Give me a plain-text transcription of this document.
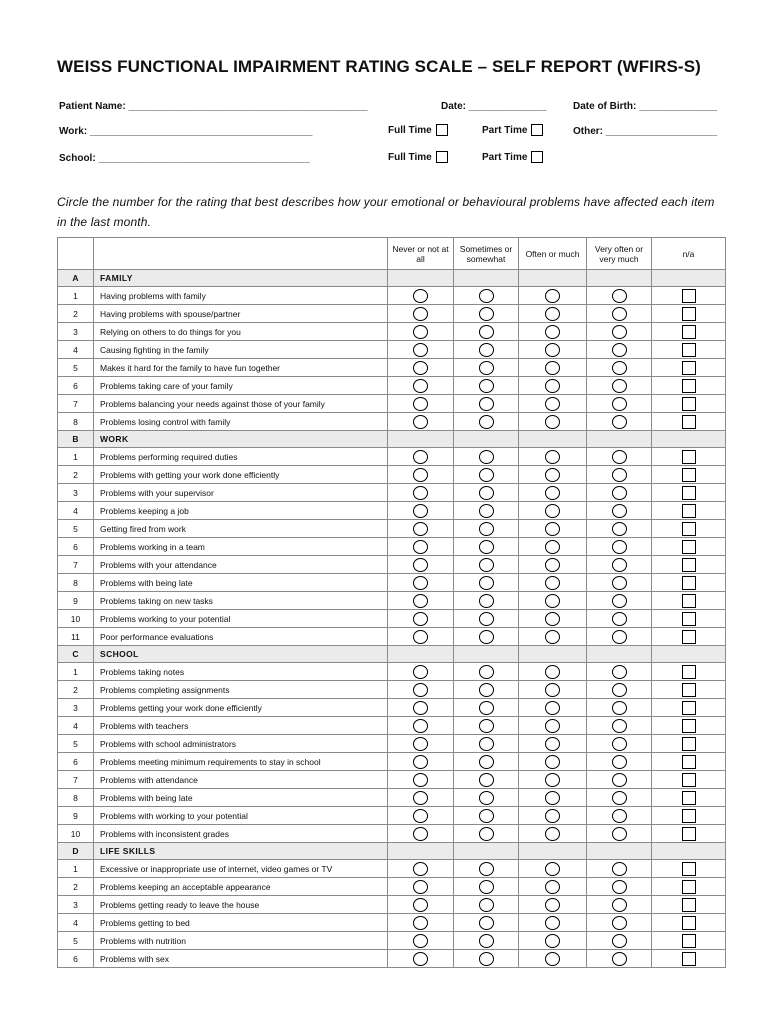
WEISS FUNCTIONAL IMPAIRMENT RATING SCALE – SELF REPORT (WFIRS-S)
Patient Name: ___________________________________________	Date: ______________	Date of Birth: ______________
Work: ________________________________________	Full Time	Part Time	Other: ____________________
School: ______________________________________	Full Time	Part Time
Circle the number for the rating that best describes how your emotional or behavioural problems have affected each item in the last month.
		Never or not at all	Sometimes or somewhat	Often or much	Very often or very much	n/a
A	FAMILY					
1	Having problems with family					
2	Having problems with spouse/partner					
3	Relying on others to do things for you					
4	Causing fighting in the family					
5	Makes it hard for the family to have fun together					
6	Problems taking care of your family					
7	Problems balancing your needs against those of your family					
8	Problems losing control with family					
B	WORK					
1	Problems performing required duties					
2	Problems with getting your work done efficiently					
3	Problems with your supervisor					
4	Problems keeping a job					
5	Getting fired from work					
6	Problems working in a team					
7	Problems with your attendance					
8	Problems with being late					
9	Problems taking on new tasks					
10	Problems working to your potential					
11	Poor performance evaluations					
C	SCHOOL					
1	Problems taking notes					
2	Problems completing assignments					
3	Problems getting your work done efficiently					
4	Problems with teachers					
5	Problems with school administrators					
6	Problems meeting minimum requirements to stay in school					
7	Problems with attendance					
8	Problems with being late					
9	Problems with working to your potential					
10	Problems with inconsistent grades					
D	LIFE SKILLS					
1	Excessive or inappropriate use of internet, video games or TV					
2	Problems keeping an acceptable appearance					
3	Problems getting ready to leave the house					
4	Problems getting to bed					
5	Problems with nutrition					
6	Problems with sex					
